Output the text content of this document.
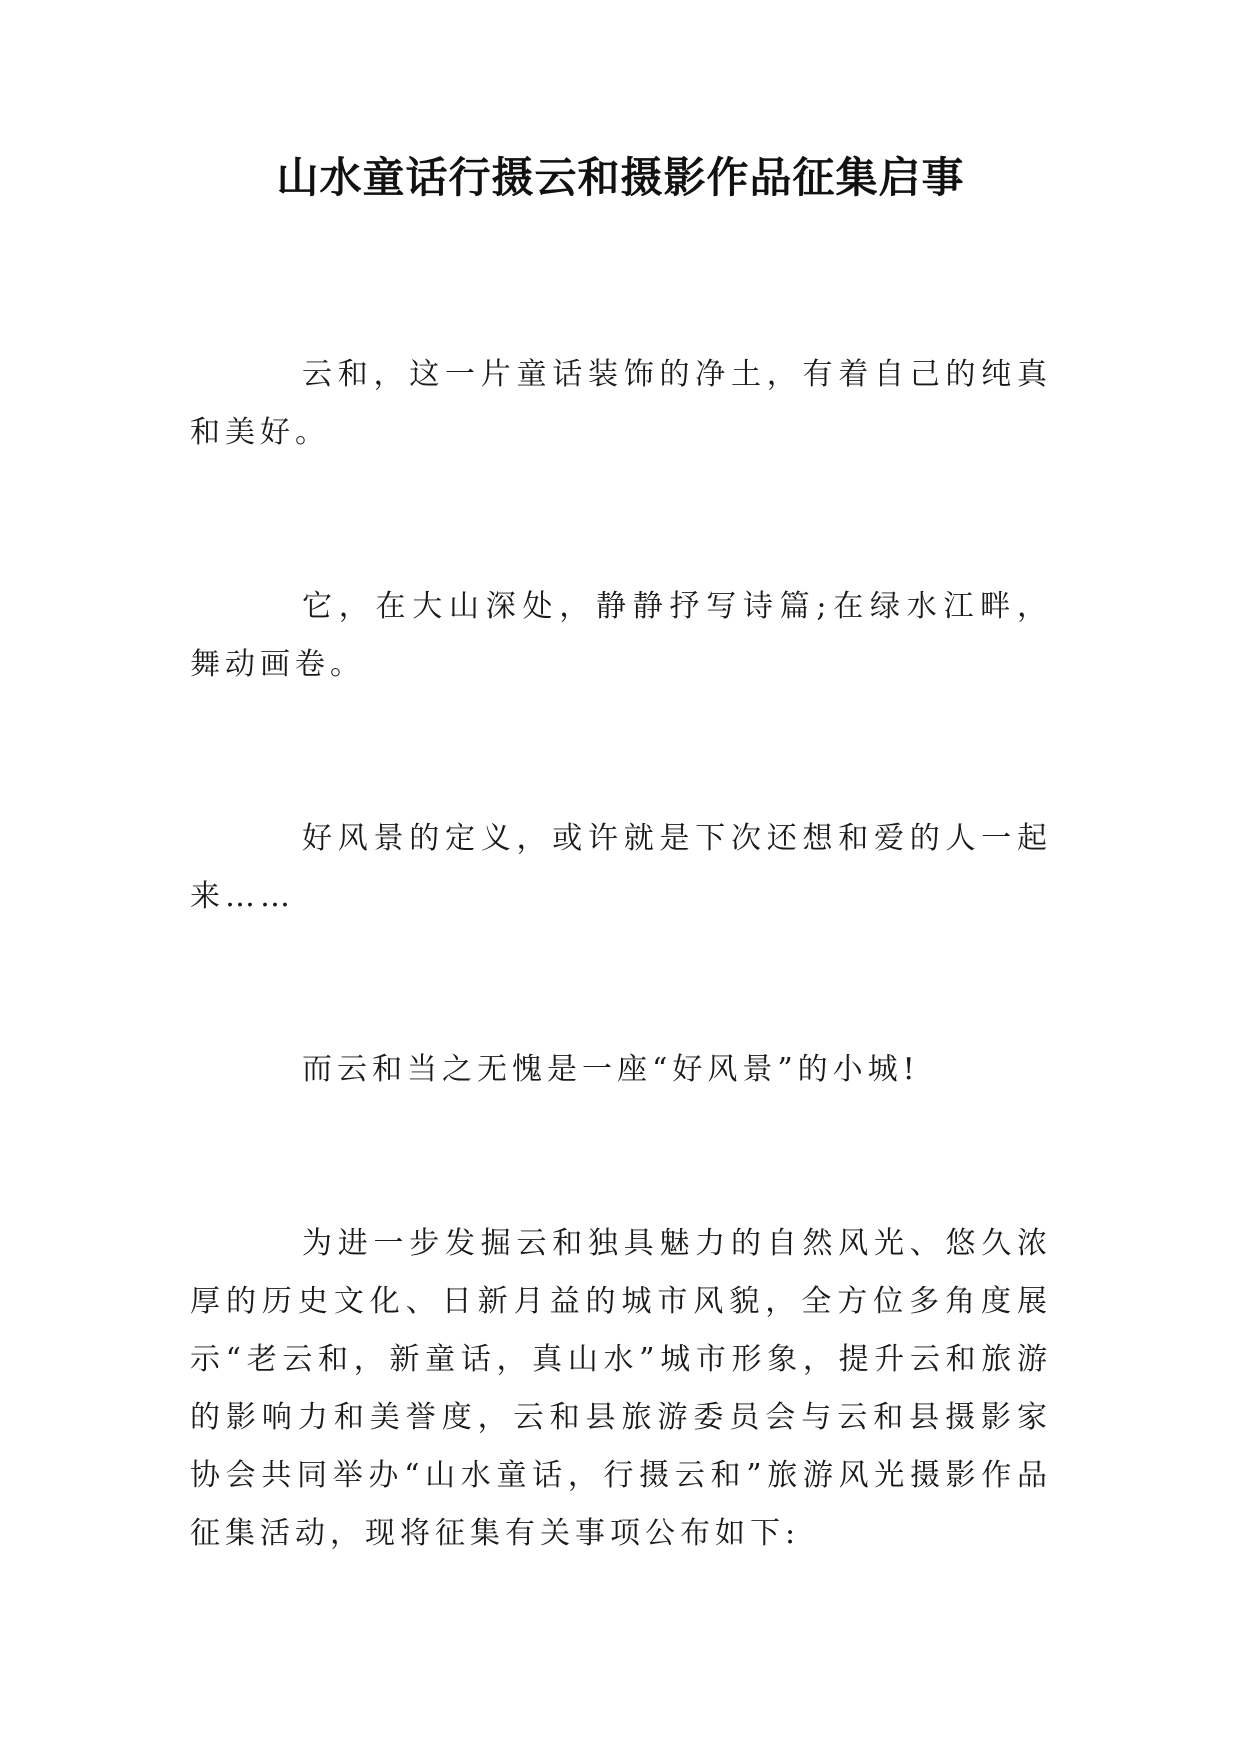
山水童话行摄云和摄影作品征集启事

云和，这一片童话装饰的净土，有着自己的纯真和美好。

它，在大山深处，静静抒写诗篇;在绿水江畔，舞动画卷。

好风景的定义，或许就是下次还想和爱的人一起来……

而云和当之无愧是一座“好风景”的小城!

为进一步发掘云和独具魅力的自然风光、悠久浓厚的历史文化、日新月益的城市风貌，全方位多角度展示“老云和，新童话，真山水”城市形象，提升云和旅游的影响力和美誉度，云和县旅游委员会与云和县摄影家协会共同举办“山水童话，行摄云和”旅游风光摄影作品征集活动，现将征集有关事项公布如下:
